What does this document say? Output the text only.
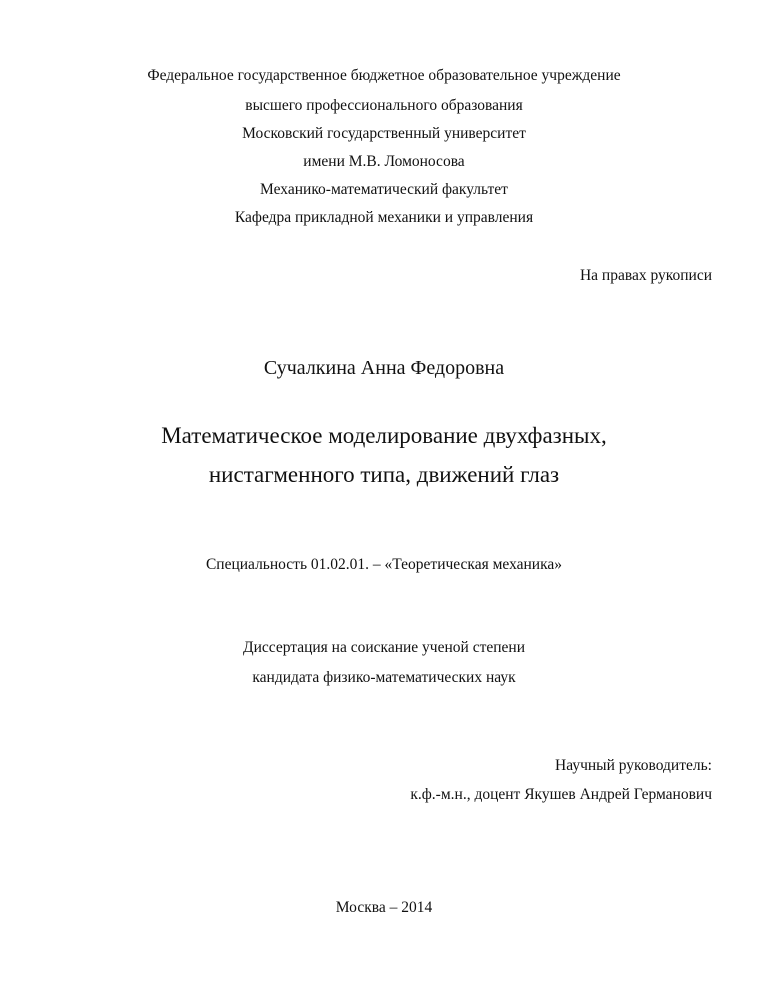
Федеральное государственное бюджетное образовательное учреждение
высшего профессионального образования
Московский государственный университет
имени М.В. Ломоносова
Механико-математический факультет
Кафедра прикладной механики и управления
На правах рукописи
Сучалкина Анна Федоровна
Математическое моделирование двухфазных,
нистагменного типа, движений глаз
Специальность 01.02.01. – «Теоретическая механика»
Диссертация на соискание ученой степени
кандидата физико-математических наук
Научный руководитель:
к.ф.-м.н., доцент Якушев Андрей Германович
Москва – 2014
